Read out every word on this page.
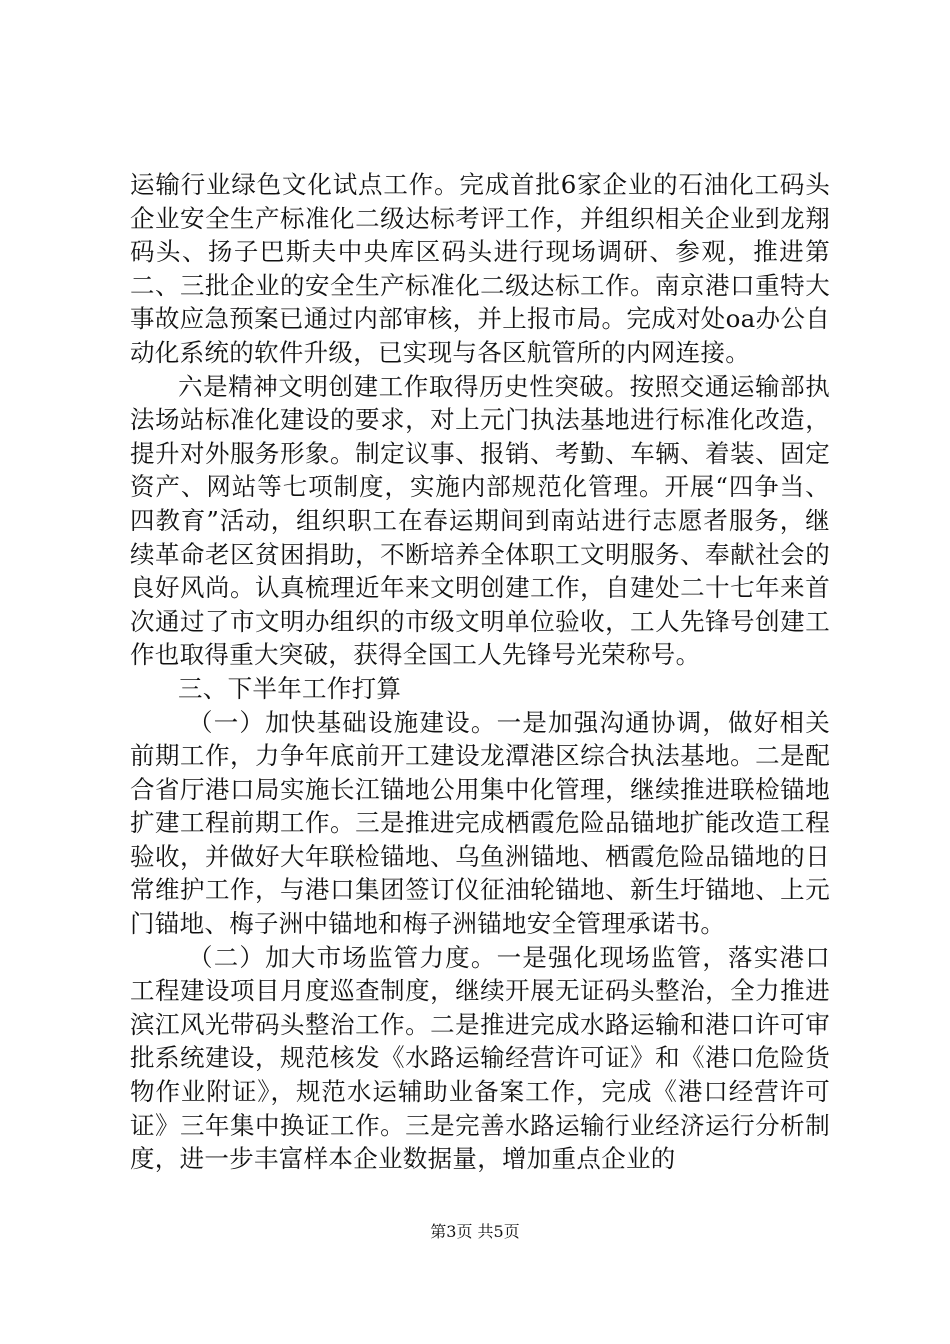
运输行业绿色文化试点工作。完成首批6家企业的石油化工码头企业安全生产标准化二级达标考评工作，并组织相关企业到龙翔码头、扬子巴斯夫中央库区码头进行现场调研、参观，推进第二、三批企业的安全生产标准化二级达标工作。南京港口重特大事故应急预案已通过内部审核，并上报市局。完成对处oa办公自动化系统的软件升级，已实现与各区航管所的内网连接。

六是精神文明创建工作取得历史性突破。按照交通运输部执法场站标准化建设的要求，对上元门执法基地进行标准化改造，提升对外服务形象。制定议事、报销、考勤、车辆、着装、固定资产、网站等七项制度，实施内部规范化管理。开展“四争当、四教育”活动，组织职工在春运期间到南站进行志愿者服务，继续革命老区贫困捐助，不断培养全体职工文明服务、奉献社会的良好风尚。认真梳理近年来文明创建工作，自建处二十七年来首次通过了市文明办组织的市级文明单位验收，工人先锋号创建工作也取得重大突破，获得全国工人先锋号光荣称号。

三、下半年工作打算

（一）加快基础设施建设。一是加强沟通协调，做好相关前期工作，力争年底前开工建设龙潭港区综合执法基地。二是配合省厅港口局实施长江锚地公用集中化管理，继续推进联检锚地扩建工程前期工作。三是推进完成栖霞危险品锚地扩能改造工程验收，并做好大年联检锚地、乌鱼洲锚地、栖霞危险品锚地的日常维护工作，与港口集团签订仪征油轮锚地、新生圩锚地、上元门锚地、梅子洲中锚地和梅子洲锚地安全管理承诺书。

（二）加大市场监管力度。一是强化现场监管，落实港口工程建设项目月度巡查制度，继续开展无证码头整治，全力推进滨江风光带码头整治工作。二是推进完成水路运输和港口许可审批系统建设，规范核发《水路运输经营许可证》和《港口危险货物作业附证》，规范水运辅助业备案工作，完成《港口经营许可证》三年集中换证工作。三是完善水路运输行业经济运行分析制度，进一步丰富样本企业数据量，增加重点企业的

第3页 共5页
